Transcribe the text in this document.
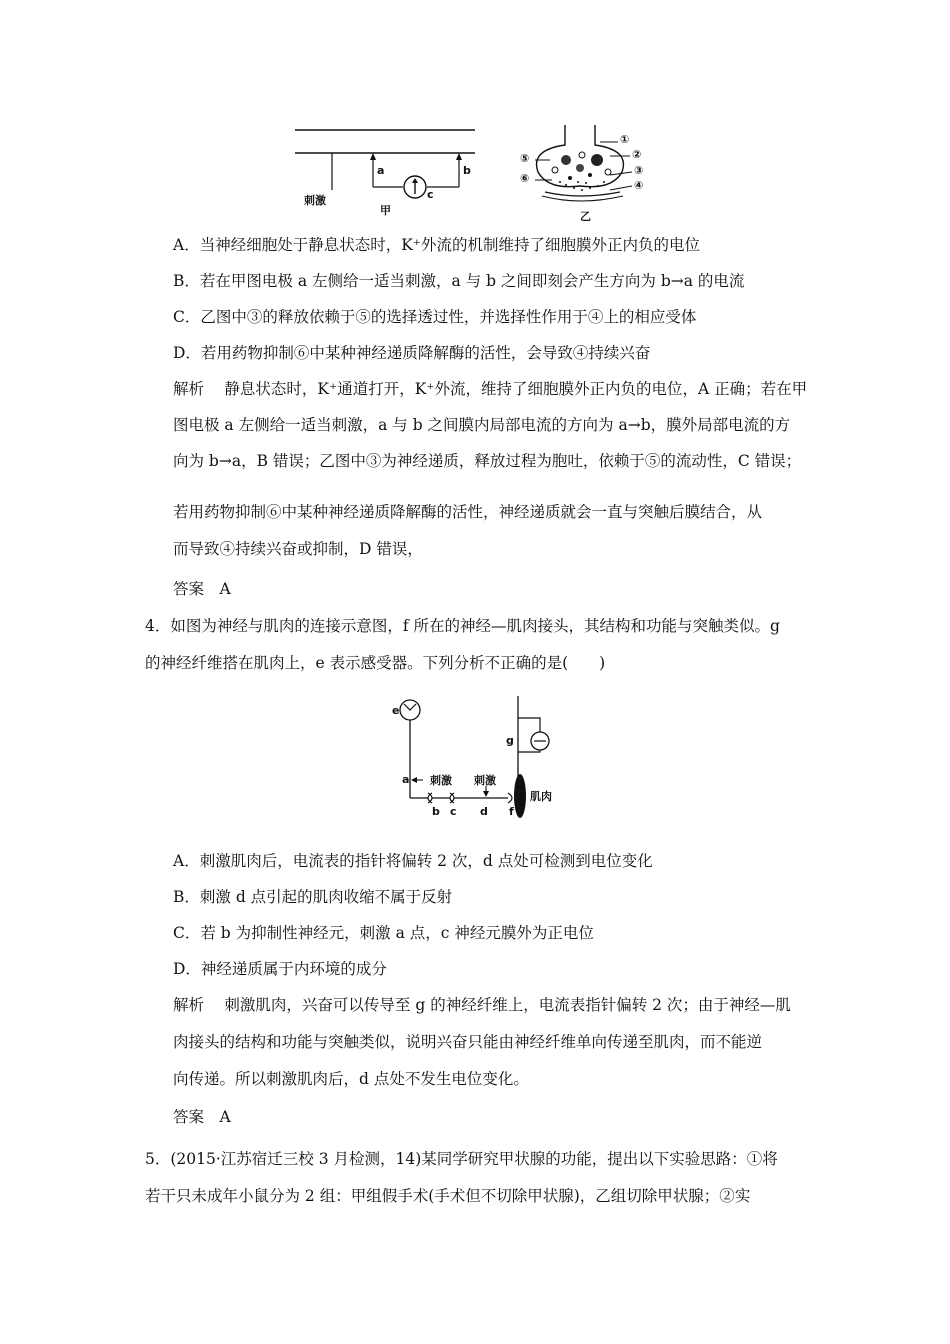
刺激
a	b
c
甲	乙
①
②
③
④
⑤
⑥
A．当神经细胞处于静息状态时，K⁺外流的机制维持了细胞膜外正内负的电位
B．若在甲图电极 a 左侧给一适当刺激，a 与 b 之间即刻会产生方向为 b→a 的电流
C．乙图中③的释放依赖于⑤的选择透过性，并选择性作用于④上的相应受体
D．若用药物抑制⑥中某种神经递质降解酶的活性，会导致④持续兴奋
解析　 静息状态时，K⁺通道打开，K⁺外流，维持了细胞膜外正内负的电位，A 正确；若在甲
图电极 a 左侧给一适当刺激，a 与 b 之间膜内局部电流的方向为 a→b，膜外局部电流的方
向为 b→a，B 错误；乙图中③为神经递质，释放过程为胞吐，依赖于⑤的流动性，C 错误；
若用药物抑制⑥中某种神经递质降解酶的活性，神经递质就会一直与突触后膜结合，从
而导致④持续兴奋或抑制，D 错误，
答案　A
4．如图为神经与肌肉的连接示意图，f 所在的神经—肌肉接头，其结构和功能与突触类似。g
的神经纤维搭在肌肉上，e 表示感受器。下列分析不正确的是(　　)
e
a 刺激 刺激
b c d f
g
肌肉
A．刺激肌肉后，电流表的指针将偏转 2 次，d 点处可检测到电位变化
B．刺激 d 点引起的肌肉收缩不属于反射
C．若 b 为抑制性神经元，刺激 a 点，c 神经元膜外为正电位
D．神经递质属于内环境的成分
解析　 刺激肌肉，兴奋可以传导至 g 的神经纤维上，电流表指针偏转 2 次；由于神经—肌
肉接头的结构和功能与突触类似，说明兴奋只能由神经纤维单向传递至肌肉，而不能逆
向传递。所以刺激肌肉后，d 点处不发生电位变化。
答案　A
5．(2015·江苏宿迁三校 3 月检测，14)某同学研究甲状腺的功能，提出以下实验思路：①将
若干只未成年小鼠分为 2 组：甲组假手术(手术但不切除甲状腺)，乙组切除甲状腺；②实
